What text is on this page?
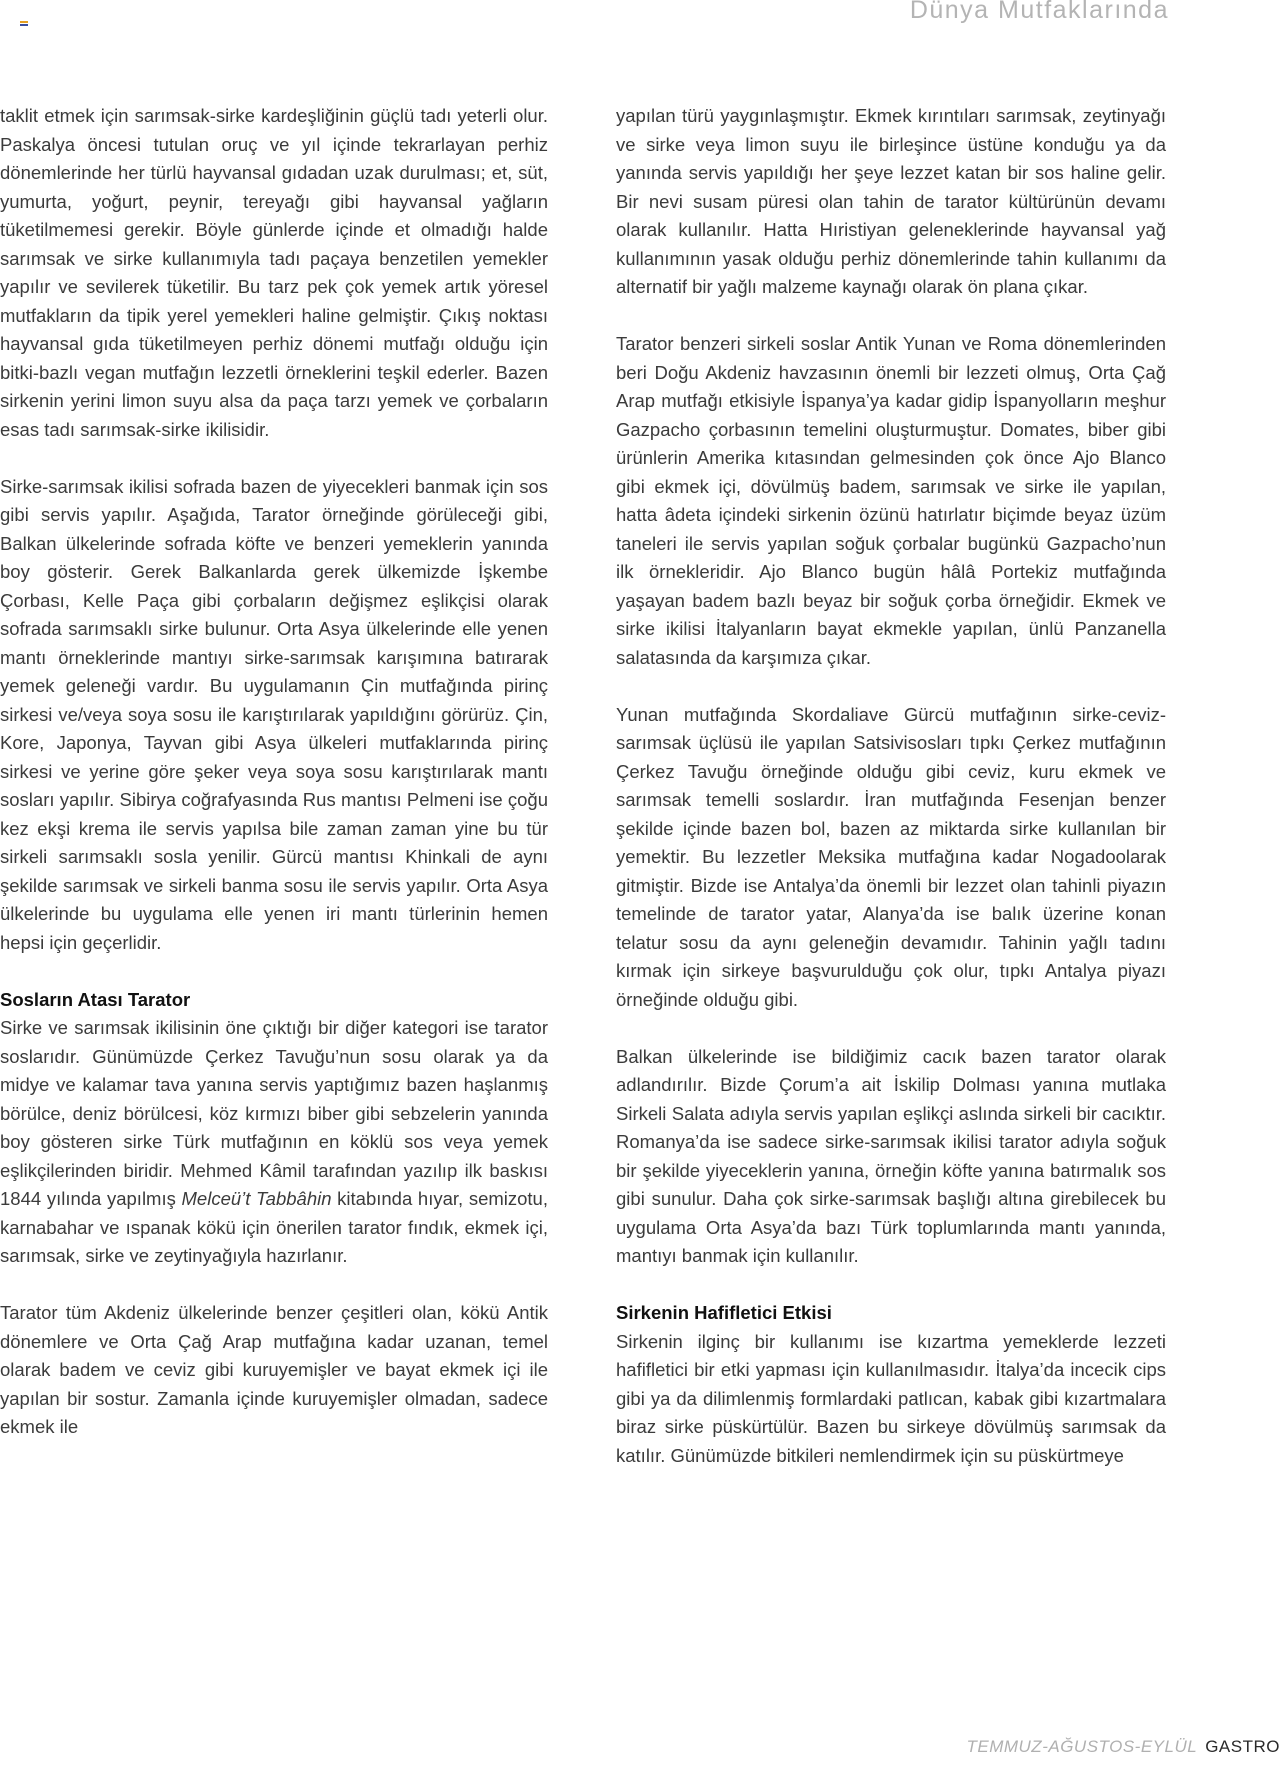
Dünya Mutfaklarında

taklit etmek için sarımsak-sirke kardeşliğinin güçlü tadı yeterli olur. Paskalya öncesi tutulan oruç ve yıl içinde tekrarlayan perhiz dönemlerinde her türlü hayvansal gıdadan uzak durulması; et, süt, yumurta, yoğurt, peynir, tereyağı gibi hayvansal yağların tüketilmemesi gerekir. Böyle günlerde içinde et olmadığı halde sarımsak ve sirke kullanımıyla tadı paçaya benzetilen yemekler yapılır ve sevilerek tüketilir. Bu tarz pek çok yemek artık yöresel mutfakların da tipik yerel yemekleri haline gelmiştir. Çıkış noktası hayvansal gıda tüketilmeyen perhiz dönemi mutfağı olduğu için bitki-bazlı vegan mutfağın lezzetli örneklerini teşkil ederler. Bazen sirkenin yerini limon suyu alsa da paça tarzı yemek ve çorbaların esas tadı sarımsak-sirke ikilisidir.

Sirke-sarımsak ikilisi sofrada bazen de yiyecekleri banmak için sos gibi servis yapılır. Aşağıda, Tarator örneğinde görüleceği gibi, Balkan ülkelerinde sofrada köfte ve benzeri yemeklerin yanında boy gösterir. Gerek Balkanlarda gerek ülkemizde İşkembe Çorbası, Kelle Paça gibi çorbaların değişmez eşlikçisi olarak sofrada sarımsaklı sirke bulunur. Orta Asya ülkelerinde elle yenen mantı örneklerinde mantıyı sirke-sarımsak karışımına batırarak yemek geleneği vardır. Bu uygulamanın Çin mutfağında pirinç sirkesi ve/veya soya sosu ile karıştırılarak yapıldığını görürüz. Çin, Kore, Japonya, Tayvan gibi Asya ülkeleri mutfaklarında pirinç sirkesi ve yerine göre şeker veya soya sosu karıştırılarak mantı sosları yapılır. Sibirya coğrafyasında Rus mantısı Pelmeni ise çoğu kez ekşi krema ile servis yapılsa bile zaman zaman yine bu tür sirkeli sarımsaklı sosla yenilir. Gürcü mantısı Khinkali de aynı şekilde sarımsak ve sirkeli banma sosu ile servis yapılır. Orta Asya ülkelerinde bu uygulama elle yenen iri mantı türlerinin hemen hepsi için geçerlidir.

Sosların Atası Tarator

Sirke ve sarımsak ikilisinin öne çıktığı bir diğer kategori ise tarator soslarıdır. Günümüzde Çerkez Tavuğu’nun sosu olarak ya da midye ve kalamar tava yanına servis yaptığımız bazen haşlanmış börülce, deniz börülcesi, köz kırmızı biber gibi sebzelerin yanında boy gösteren sirke Türk mutfağının en köklü sos veya yemek eşlikçilerinden biridir. Mehmed Kâmil tarafından yazılıp ilk baskısı 1844 yılında yapılmış Melceü’t Tabbâhin kitabında hıyar, semizotu, karnabahar ve ıspanak kökü için önerilen tarator fındık, ekmek içi, sarımsak, sirke ve zeytinyağıyla hazırlanır.

Tarator tüm Akdeniz ülkelerinde benzer çeşitleri olan, kökü Antik dönemlere ve Orta Çağ Arap mutfağına kadar uzanan, temel olarak badem ve ceviz gibi kuruyemişler ve bayat ekmek içi ile yapılan bir sostur. Zamanla içinde kuruyemişler olmadan, sadece ekmek ile

yapılan türü yaygınlaşmıştır. Ekmek kırıntıları sarımsak, zeytinyağı ve sirke veya limon suyu ile birleşince üstüne konduğu ya da yanında servis yapıldığı her şeye lezzet katan bir sos haline gelir. Bir nevi susam püresi olan tahin de tarator kültürünün devamı olarak kullanılır. Hatta Hıristiyan geleneklerinde hayvansal yağ kullanımının yasak olduğu perhiz dönemlerinde tahin kullanımı da alternatif bir yağlı malzeme kaynağı olarak ön plana çıkar.

Tarator benzeri sirkeli soslar Antik Yunan ve Roma dönemlerinden beri Doğu Akdeniz havzasının önemli bir lezzeti olmuş, Orta Çağ Arap mutfağı etkisiyle İspanya’ya kadar gidip İspanyolların meşhur Gazpacho çorbasının temelini oluşturmuştur. Domates, biber gibi ürünlerin Amerika kıtasından gelmesinden çok önce Ajo Blanco gibi ekmek içi, dövülmüş badem, sarımsak ve sirke ile yapılan, hatta âdeta içindeki sirkenin özünü hatırlatır biçimde beyaz üzüm taneleri ile servis yapılan soğuk çorbalar bugünkü Gazpacho’nun ilk örnekleridir. Ajo Blanco bugün hâlâ Portekiz mutfağında yaşayan badem bazlı beyaz bir soğuk çorba örneğidir. Ekmek ve sirke ikilisi İtalyanların bayat ekmekle yapılan, ünlü Panzanella salatasında da karşımıza çıkar.

Yunan mutfağında Skordaliave Gürcü mutfağının sirke-ceviz-sarımsak üçlüsü ile yapılan Satsivisosları tıpkı Çerkez mutfağının Çerkez Tavuğu örneğinde olduğu gibi ceviz, kuru ekmek ve sarımsak temelli soslardır. İran mutfağında Fesenjan benzer şekilde içinde bazen bol, bazen az miktarda sirke kullanılan bir yemektir. Bu lezzetler Meksika mutfağına kadar Nogadoolarak gitmiştir. Bizde ise Antalya’da önemli bir lezzet olan tahinli piyazın temelinde de tarator yatar, Alanya’da ise balık üzerine konan telatur sosu da aynı geleneğin devamıdır. Tahinin yağlı tadını kırmak için sirkeye başvurulduğu çok olur, tıpkı Antalya piyazı örneğinde olduğu gibi.

Balkan ülkelerinde ise bildiğimiz cacık bazen tarator olarak adlandırılır. Bizde Çorum’a ait İskilip Dolması yanına mutlaka Sirkeli Salata adıyla servis yapılan eşlikçi aslında sirkeli bir cacıktır. Romanya’da ise sadece sirke-sarımsak ikilisi tarator adıyla soğuk bir şekilde yiyeceklerin yanına, örneğin köfte yanına batırmalık sos gibi sunulur. Daha çok sirke-sarımsak başlığı altına girebilecek bu uygulama Orta Asya’da bazı Türk toplumlarında mantı yanında, mantıyı banmak için kullanılır.

Sirkenin Hafifletici Etkisi

Sirkenin ilginç bir kullanımı ise kızartma yemeklerde lezzeti hafifletici bir etki yapması için kullanılmasıdır. İtalya’da incecik cips gibi ya da dilimlenmiş formlardaki patlıcan, kabak gibi kızartmalara biraz sirke püskürtülür. Bazen bu sirkeye dövülmüş sarımsak da katılır. Günümüzde bitkileri nemlendirmek için su püskürtmeye

TEMMUZ-AĞUSTOS-EYLÜL GASTRO
